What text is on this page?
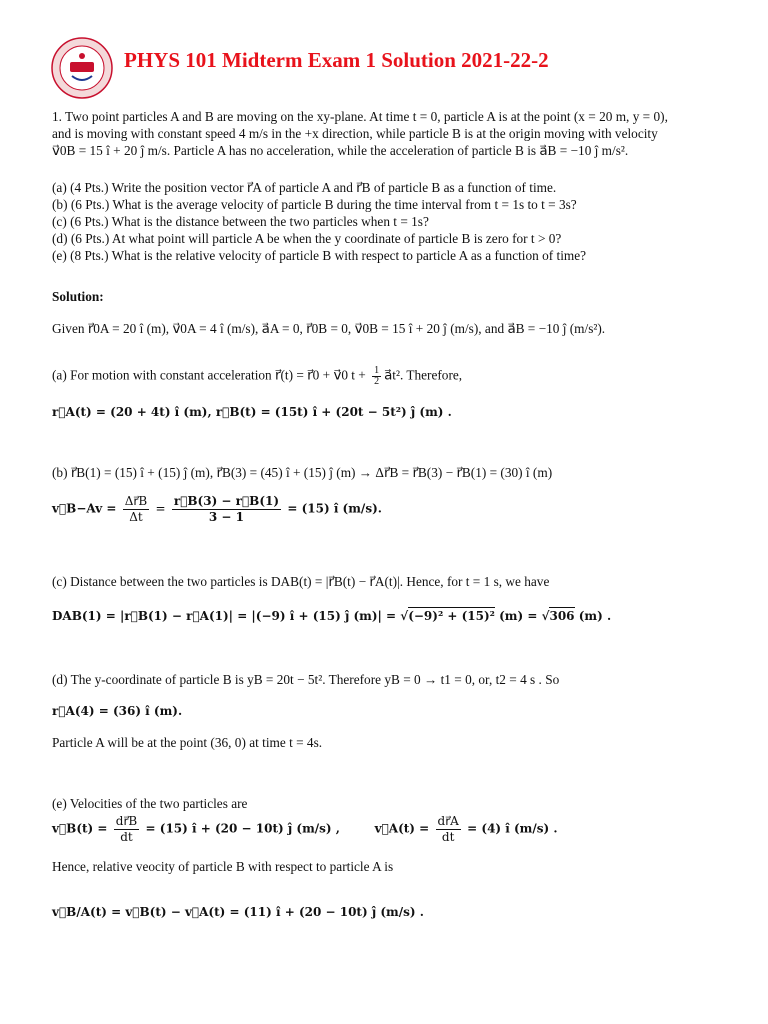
PHYS 101 Midterm Exam 1 Solution 2021-22-2
1. Two point particles A and B are moving on the xy-plane. At time t = 0, particle A is at the point (x = 20 m, y = 0),
and is moving with constant speed 4 m/s in the +x direction, while particle B is at the origin moving with velocity
v⃗0B = 15 î + 20 ĵ m/s. Particle A has no acceleration, while the acceleration of particle B is a⃗B = −10 ĵ m/s².
(a) (4 Pts.) Write the position vector r⃗A of particle A and r⃗B of particle B as a function of time.
(b) (6 Pts.) What is the average velocity of particle B during the time interval from t = 1s to t = 3s?
(c) (6 Pts.) What is the distance between the two particles when t = 1s?
(d) (6 Pts.) At what point will particle A be when the y coordinate of particle B is zero for t > 0?
(e) (8 Pts.) What is the relative velocity of particle B with respect to particle A as a function of time?
Solution:
Given r⃗0A = 20 î (m), v⃗0A = 4 î (m/s), a⃗A = 0, r⃗0B = 0, v⃗0B = 15 î + 20 ĵ (m/s), and a⃗B = −10 ĵ (m/s²).
(a) For motion with constant acceleration r⃗(t) = r⃗0 + v⃗0 $t + \frac{1}{2}$ a⃗t². Therefore,
r⃗A(t) = (20 + 4t) î (m), r⃗B(t) = (15t) î + (20t − 5t²) ĵ (m) .
(b) r⃗B(1) = (15) î + (15) ĵ (m), r⃗B(3) = (45) î + (15) ĵ (m) → Δr⃗B = r⃗B(3) − r⃗B(1) = (30) î (m)
v⃗B−Av = $\frac{\Delta r⃗B}{\Delta t} = \frac{r⃗B(3) - r⃗B(1)}{3 - 1} = (15)$ î (m/s).
(c) Distance between the two particles is DAB(t) = |r⃗B(t) − r⃗A(t)|. Hence, for t = 1 s, we have
DAB(1) = |r⃗B(1) − r⃗A(1)| = |(−9) î + (15) ĵ (m)| = √(−9)² + (15)² (m) = √306 (m) .
(d) The y-coordinate of particle B is yB = 20t − 5t². Therefore yB = 0 → t1 = 0, or, t2 = 4 s . So
r⃗A(4) = (36) î (m).
Particle A will be at the point (36, 0) at time t = 4s.
(e) Velocities of the two particles are
v⃗B(t) = $\frac{dr⃗B}{dt} = (15)$ î + (20 − 10t) ĵ (m/s) ,	v⃗A(t) = $\frac{dr⃗A}{dt} = (4)$ î (m/s) .
Hence, relative veocity of particle B with respect to particle A is
v⃗B/A(t) = v⃗B(t) − v⃗A(t) = (11) î + (20 − 10t) ĵ (m/s) .
